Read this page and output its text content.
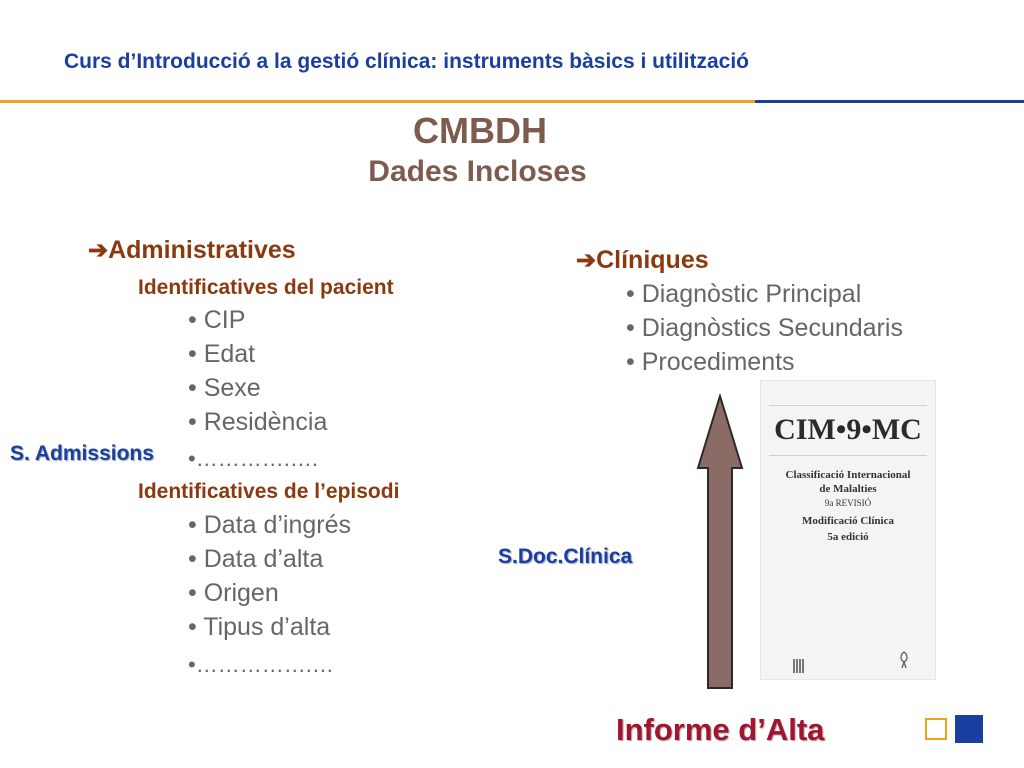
Curs d’Introducció a la gestió clínica: instruments bàsics i utilització
CMBDH
Dades Incloses
➔Administratives
Identificatives del pacient
• CIP
• Edat
• Sexe
• Residència
•………….….
S. Admissions
Identificatives de l’episodi
• Data d’ingrés
• Data d’alta
• Origen
• Tipus d’alta
•…………….…
➔Clíniques
• Diagnòstic Principal
• Diagnòstics Secundaris
• Procediments
CIM•9•MC
Classificació Internacional
de Malalties
9a REVISIÓ
Modificació Clínica
5a edició
S.Doc.Clínica
Informe d’Alta
